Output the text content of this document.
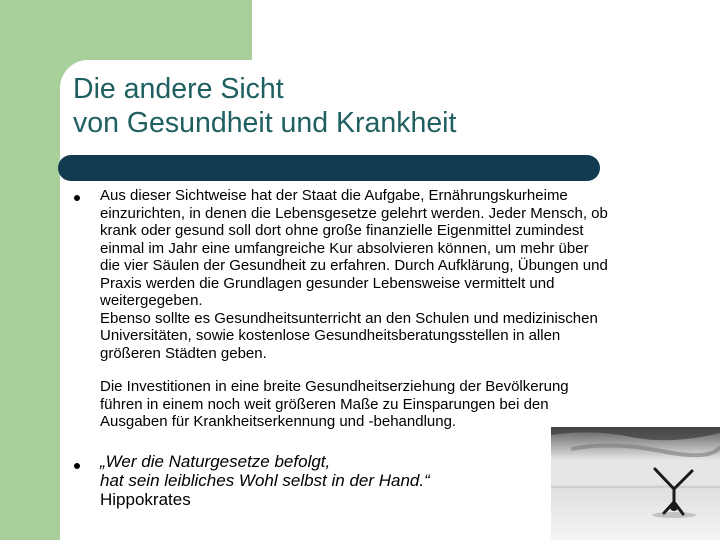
Die andere Sicht
von Gesundheit und Krankheit
Aus dieser Sichtweise hat der Staat die Aufgabe, Ernährungskurheime
einzurichten, in denen die Lebensgesetze gelehrt werden. Jeder Mensch, ob
krank oder gesund soll dort ohne große finanzielle Eigenmittel zumindest
einmal im Jahr eine umfangreiche Kur absolvieren können, um mehr über
die vier Säulen der Gesundheit zu erfahren. Durch Aufklärung, Übungen und
Praxis werden die Grundlagen gesunder Lebensweise vermittelt und
weitergegeben.
Ebenso sollte es Gesundheitsunterricht an den Schulen und medizinischen
Universitäten, sowie kostenlose Gesundheitsberatungsstellen in allen
größeren Städten geben.
Die Investitionen in eine breite Gesundheitserziehung der Bevölkerung
führen in einem noch weit größeren Maße zu Einsparungen bei den
Ausgaben für Krankheitserkennung und -behandlung.
„Wer die Naturgesetze befolgt,
hat sein leibliches Wohl selbst in der Hand.“
Hippokrates
